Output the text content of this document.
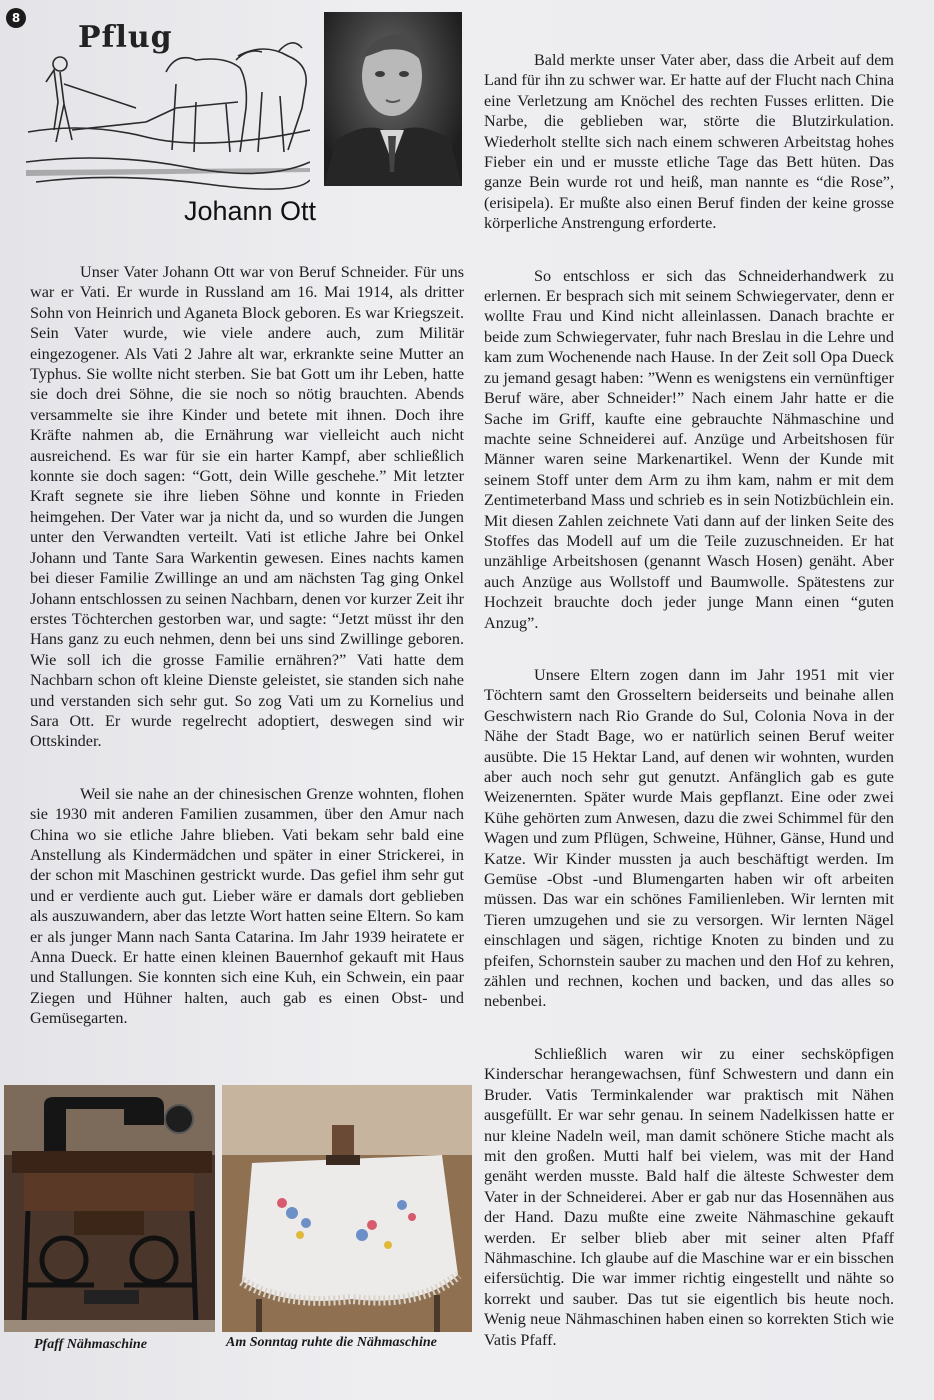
8
Pflug
Johann Ott

Unser Vater Johann Ott war von Beruf Schneider. Für uns war er Vati. Er wurde in Russland am 16. Mai 1914, als dritter Sohn von Heinrich und Aganeta Block geboren. Es war Kriegszeit. Sein Vater wurde, wie viele andere auch, zum Militär eingezogener. Als Vati 2 Jahre alt war, erkrankte seine Mutter an Typhus. Sie wollte nicht sterben. Sie bat Gott um ihr Leben, hatte sie doch drei Söhne, die sie noch so nötig brauchten. Abends versammelte sie ihre Kinder und betete mit ihnen. Doch ihre Kräfte nahmen ab, die Ernährung war vielleicht auch nicht ausreichend. Es war für sie ein harter Kampf, aber schließlich konnte sie doch sagen: “Gott, dein Wille geschehe.” Mit letzter Kraft segnete sie ihre lieben Söhne und konnte in Frieden heimgehen. Der Vater war ja nicht da, und so wurden die Jungen unter den Verwandten verteilt. Vati ist etliche Jahre bei Onkel Johann und Tante Sara Warkentin gewesen. Eines nachts kamen bei dieser Familie Zwillinge an und am nächsten Tag ging Onkel Johann entschlossen zu seinen Nachbarn, denen vor kurzer Zeit ihr erstes Töchterchen gestorben war, und sagte: “Jetzt müsst ihr den Hans ganz zu euch nehmen, denn bei uns sind Zwillinge geboren. Wie soll ich die grosse Familie ernähren?” Vati hatte dem Nachbarn schon oft kleine Dienste geleistet, sie standen sich nahe und verstanden sich sehr gut. So zog Vati um zu Kornelius und Sara Ott. Er wurde regelrecht adoptiert, deswegen sind wir Ottskinder.

Weil sie nahe an der chinesischen Grenze wohnten, flohen sie 1930 mit anderen Familien zusammen, über den Amur nach China wo sie etliche Jahre blieben. Vati bekam sehr bald eine Anstellung als Kindermädchen und später in einer Strickerei, in der schon mit Maschinen gestrickt wurde. Das gefiel ihm sehr gut und er verdiente auch gut. Lieber wäre er damals dort geblieben als auszuwandern, aber das letzte Wort hatten seine Eltern. So kam er als junger Mann nach Santa Catarina. Im Jahr 1939 heiratete er Anna Dueck. Er hatte einen kleinen Bauernhof gekauft mit Haus und Stallungen. Sie konnten sich eine Kuh, ein Schwein, ein paar Ziegen und Hühner halten, auch gab es einen Obst- und Gemüsegarten.

Bald merkte unser Vater aber, dass die Arbeit auf dem Land für ihn zu schwer war. Er hatte auf der Flucht nach China eine Verletzung am Knöchel des rechten Fusses erlitten. Die Narbe, die geblieben war, störte die Blutzirkulation. Wiederholt stellte sich nach einem schweren Arbeitstag hohes Fieber ein und er musste etliche Tage das Bett hüten. Das ganze Bein wurde rot und heiß, man nannte es “die Rose”, (erisipela). Er mußte also einen Beruf finden der keine grosse körperliche Anstrengung erforderte.

So entschloss er sich das Schneiderhandwerk zu erlernen. Er besprach sich mit seinem Schwiegervater, denn er wollte Frau und Kind nicht alleinlassen. Danach brachte er beide zum Schwiegervater, fuhr nach Breslau in die Lehre und kam zum Wochenende nach Hause. In der Zeit soll Opa Dueck zu jemand gesagt haben: ”Wenn es wenigstens ein vernünftiger Beruf wäre, aber Schneider!” Nach einem Jahr hatte er die Sache im Griff, kaufte eine gebrauchte Nähmaschine und machte seine Schneiderei auf. Anzüge und Arbeitshosen für Männer waren seine Markenartikel. Wenn der Kunde mit seinem Stoff unter dem Arm zu ihm kam, nahm er mit dem Zentimeterband Mass und schrieb es in sein Notizbüchlein ein. Mit diesen Zahlen zeichnete Vati dann auf der linken Seite des Stoffes das Modell auf um die Teile zuzuschneiden. Er hat unzählige Arbeitshosen (genannt Wasch Hosen) genäht. Aber auch Anzüge aus Wollstoff und Baumwolle. Spätestens zur Hochzeit brauchte doch jeder junge Mann einen “guten Anzug”.

Unsere Eltern zogen dann im Jahr 1951 mit vier Töchtern samt den Grosseltern beiderseits und beinahe allen Geschwistern nach Rio Grande do Sul, Colonia Nova in der Nähe der Stadt Bage, wo er natürlich seinen Beruf weiter ausübte. Die 15 Hektar Land, auf denen wir wohnten, wurden aber auch noch sehr gut genutzt. Anfänglich gab es gute Weizenernten. Später wurde Mais gepflanzt. Eine oder zwei Kühe gehörten zum Anwesen, dazu die zwei Schimmel für den Wagen und zum Pflügen, Schweine, Hühner, Gänse, Hund und Katze. Wir Kinder mussten ja auch beschäftigt werden. Im Gemüse -Obst -und Blumengarten haben wir oft arbeiten müssen. Das war ein schönes Familienleben. Wir lernten mit Tieren umzugehen und sie zu versorgen. Wir lernten Nägel einschlagen und sägen, richtige Knoten zu binden und zu pfeifen, Schornstein sauber zu machen und den Hof zu kehren, zählen und rechnen, kochen und backen, und das alles so nebenbei.

Schließlich waren wir zu einer sechsköpfigen Kinderschar herangewachsen, fünf Schwestern und dann ein Bruder. Vatis Terminkalender war praktisch mit Nähen ausgefüllt. Er war sehr genau. In seinem Nadelkissen hatte er nur kleine Nadeln weil, man damit schönere Stiche macht als mit den großen. Mutti half bei vielem, was mit der Hand genäht werden musste. Bald half die älteste Schwester dem Vater in der Schneiderei. Aber er gab nur das Hosennähen aus der Hand. Dazu mußte eine zweite Nähmaschine gekauft werden. Er selber blieb aber mit seiner alten Pfaff Nähmaschine. Ich glaube auf die Maschine war er ein bisschen eifersüchtig. Die war immer richtig eingestellt und nähte so korrekt und sauber. Das tut sie eigentlich bis heute noch. Wenig neue Nähmaschinen haben einen so korrekten Stich wie Vatis Pfaff.

Pfaff Nähmaschine	Am Sonntag ruhte die Nähmaschine
